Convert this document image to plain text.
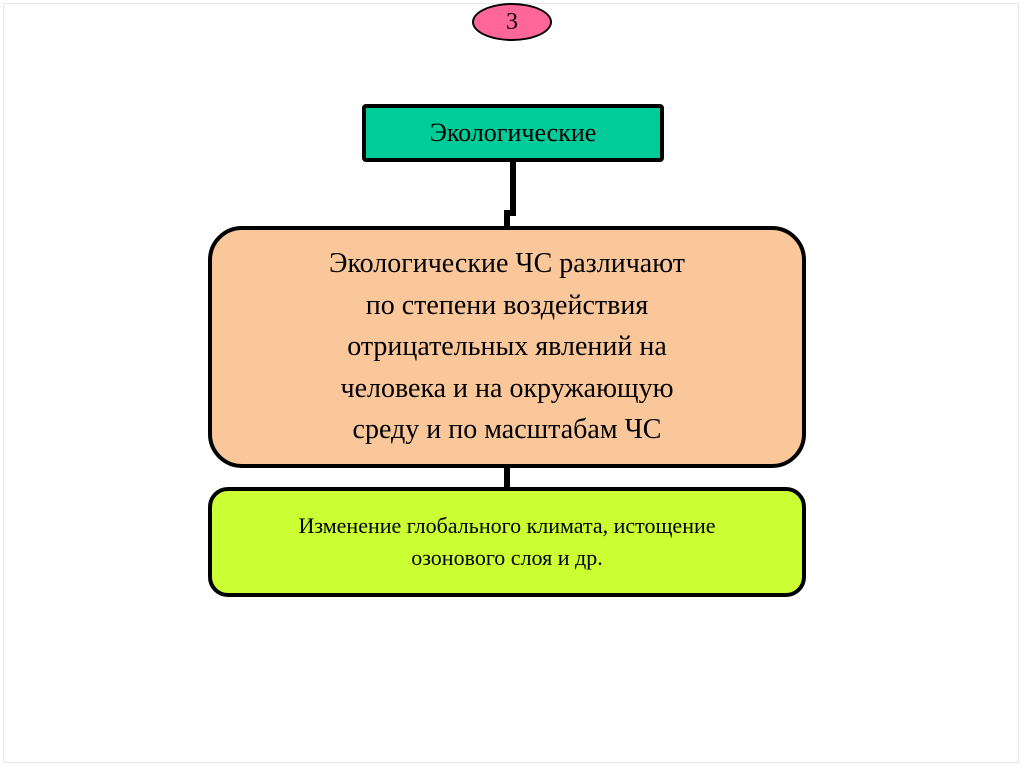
3
Экологические
Экологические ЧС различают
по степени воздействия
отрицательных явлений на
человека и на окружающую
среду и по масштабам ЧС
Изменение глобального климата, истощение
озонового слоя и др.
